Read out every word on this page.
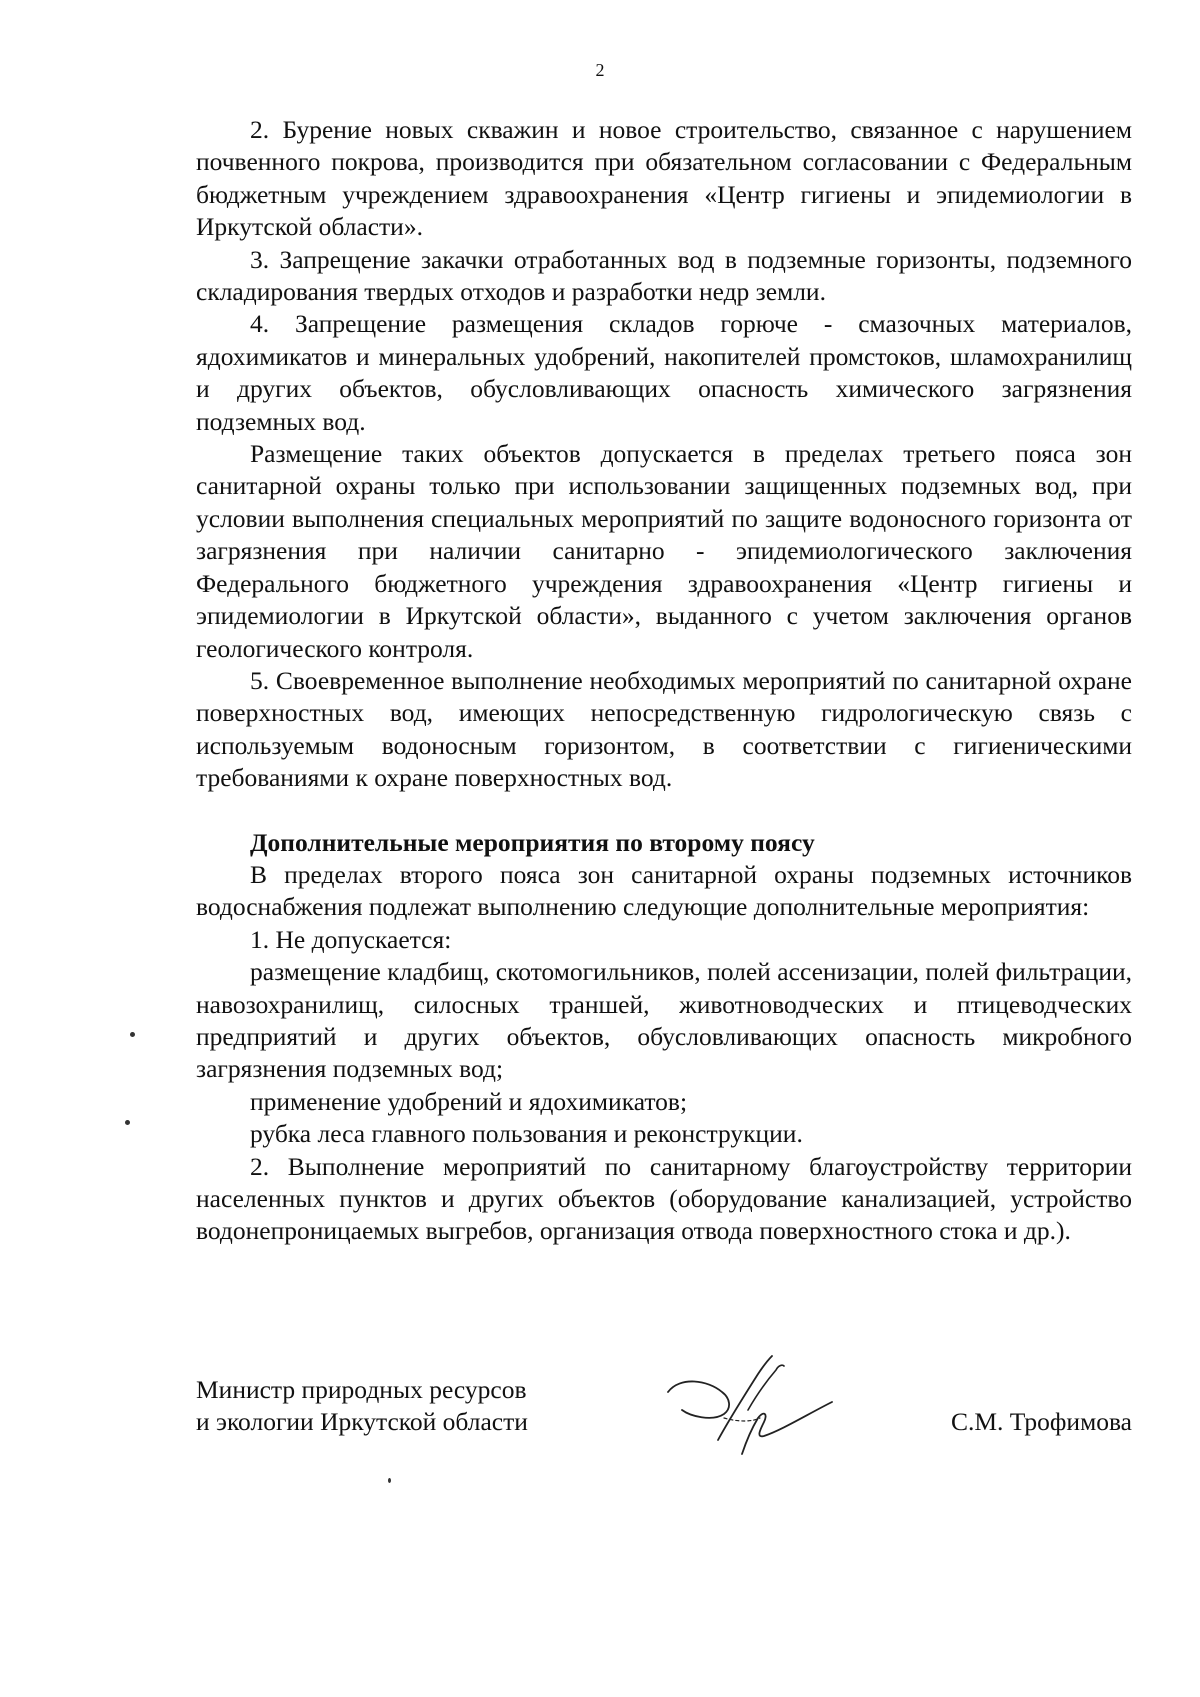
2

2. Бурение новых скважин и новое строительство, связанное с нарушением почвенного покрова, производится при обязательном согласовании с Федеральным бюджетным учреждением здравоохранения «Центр гигиены и эпидемиологии в Иркутской области».

3. Запрещение закачки отработанных вод в подземные горизонты, подземного складирования твердых отходов и разработки недр земли.

4. Запрещение размещения складов горюче - смазочных материалов, ядохимикатов и минеральных удобрений, накопителей промстоков, шламохранилищ и других объектов, обусловливающих опасность химического загрязнения подземных вод.

Размещение таких объектов допускается в пределах третьего пояса зон санитарной охраны только при использовании защищенных подземных вод, при условии выполнения специальных мероприятий по защите водоносного горизонта от загрязнения при наличии санитарно - эпидемиологического заключения Федерального бюджетного учреждения здравоохранения «Центр гигиены и эпидемиологии в Иркутской области», выданного с учетом заключения органов геологического контроля.

5. Своевременное выполнение необходимых мероприятий по санитарной охране поверхностных вод, имеющих непосредственную гидрологическую связь с используемым водоносным горизонтом, в соответствии с гигиеническими требованиями к охране поверхностных вод.

Дополнительные мероприятия по второму поясу

В пределах второго пояса зон санитарной охраны подземных источников водоснабжения подлежат выполнению следующие дополнительные мероприятия:

1. Не допускается:

размещение кладбищ, скотомогильников, полей ассенизации, полей фильтрации, навозохранилищ, силосных траншей, животноводческих и птицеводческих предприятий и других объектов, обусловливающих опасность микробного загрязнения подземных вод;

применение удобрений и ядохимикатов;

рубка леса главного пользования и реконструкции.

2. Выполнение мероприятий по санитарному благоустройству территории населенных пунктов и других объектов (оборудование канализацией, устройство водонепроницаемых выгребов, организация отвода поверхностного стока и др.).

Министр природных ресурсов
и экологии Иркутской области	С.М. Трофимова
